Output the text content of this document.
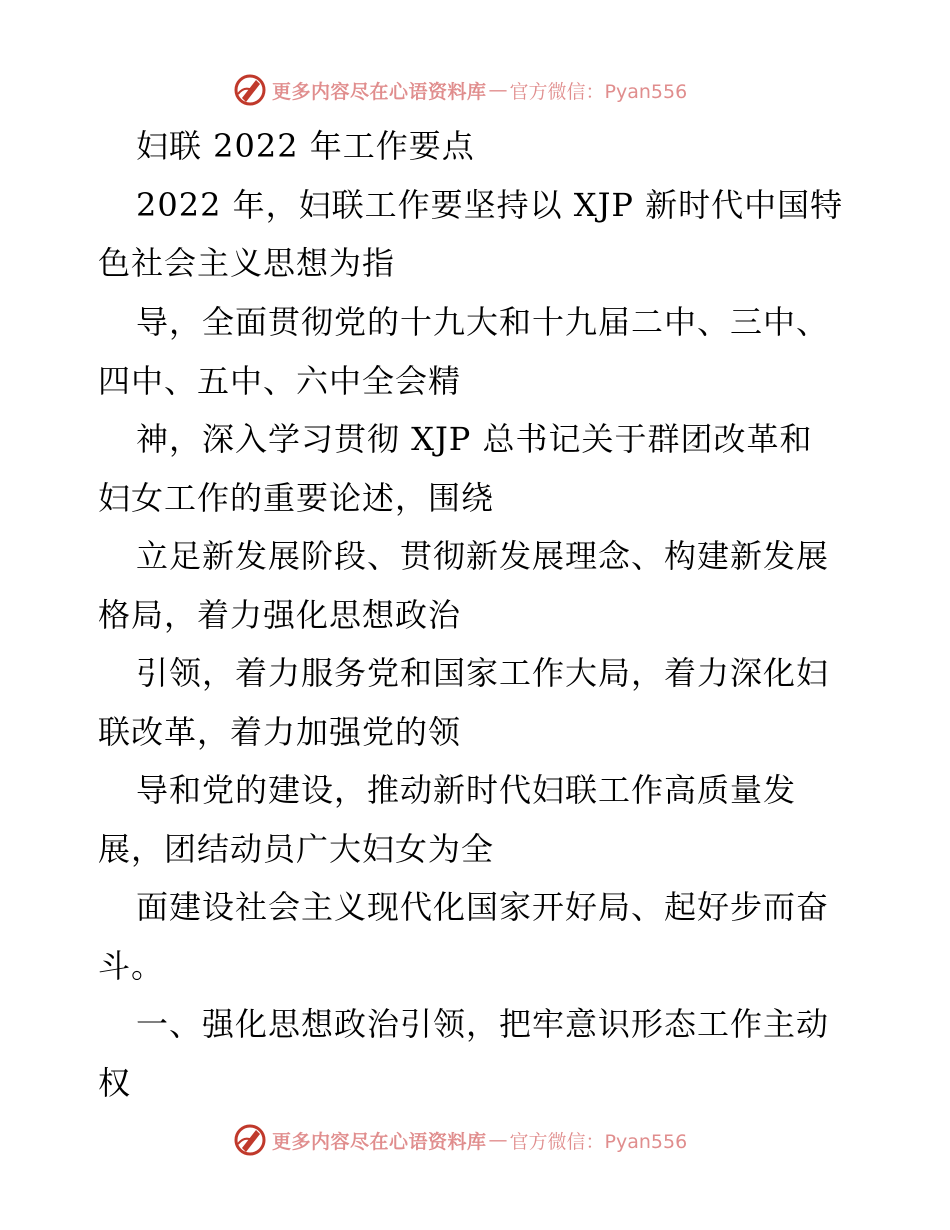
更多内容尽在心语资料库 — 官方微信：Pyan556
妇联 2022 年工作要点
2022 年，妇联工作要坚持以 XJP 新时代中国特
色社会主义思想为指
导，全面贯彻党的十九大和十九届二中、三中、
四中、五中、六中全会精
神，深入学习贯彻 XJP 总书记关于群团改革和
妇女工作的重要论述，围绕
立足新发展阶段、贯彻新发展理念、构建新发展
格局，着力强化思想政治
引领，着力服务党和国家工作大局，着力深化妇
联改革，着力加强党的领
导和党的建设，推动新时代妇联工作高质量发
展，团结动员广大妇女为全
面建设社会主义现代化国家开好局、起好步而奋
斗。
一、强化思想政治引领，把牢意识形态工作主动
权
更多内容尽在心语资料库 — 官方微信：Pyan556
